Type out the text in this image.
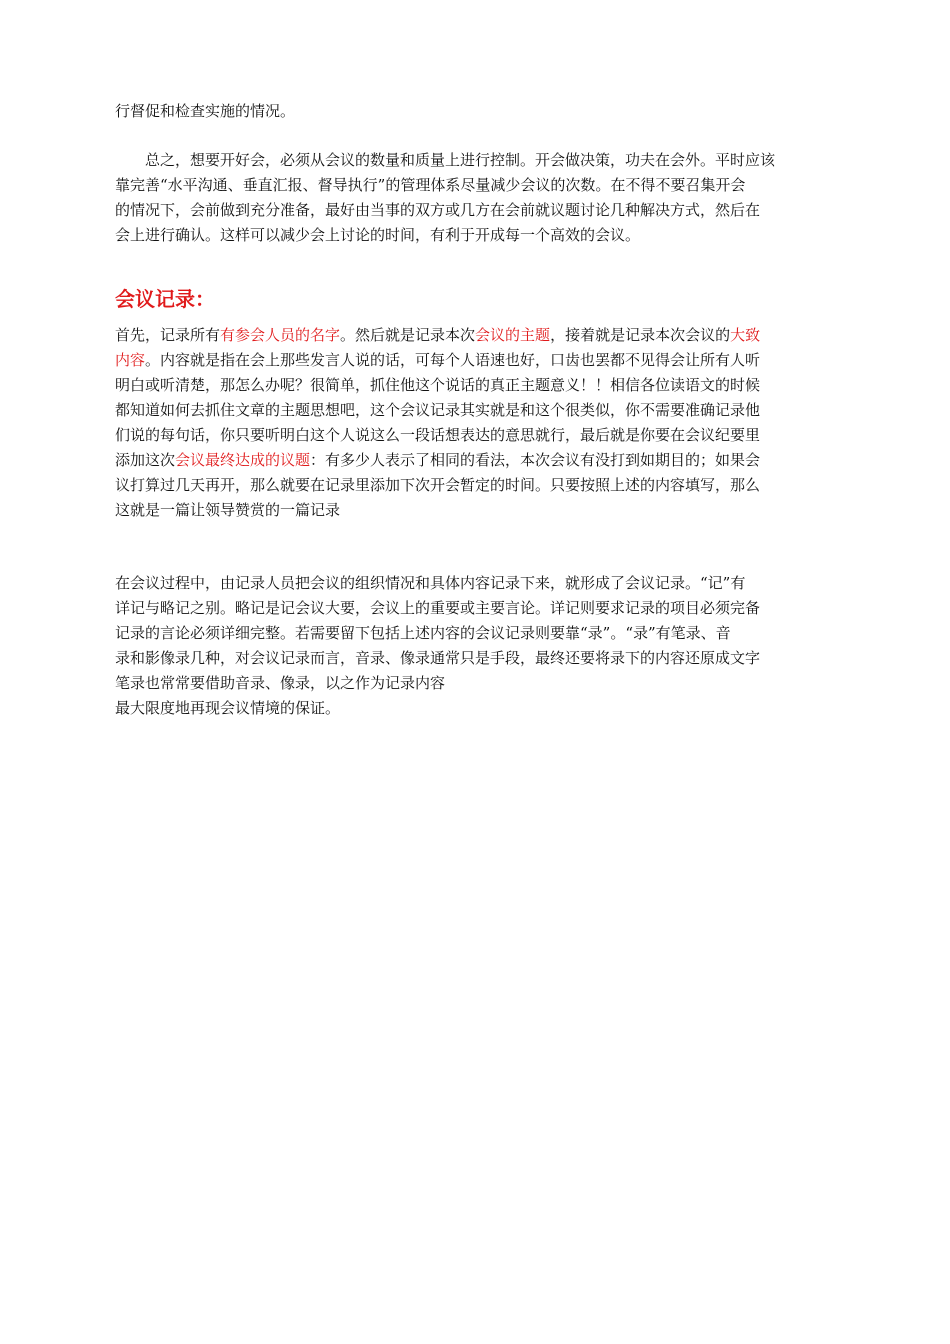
行督促和检查实施的情况。

　　总之，想要开好会，必须从会议的数量和质量上进行控制。开会做决策，功夫在会外。平时应该
靠完善“水平沟通、垂直汇报、督导执行”的管理体系尽量减少会议的次数。在不得不要召集开会
的情况下，会前做到充分准备，最好由当事的双方或几方在会前就议题讨论几种解决方式，然后在
会上进行确认。这样可以减少会上讨论的时间，有利于开成每一个高效的会议。

会议记录：

首先，记录所有有参会人员的名字。然后就是记录本次会议的主题，接着就是记录本次会议的大致
内容。内容就是指在会上那些发言人说的话，可每个人语速也好，口齿也罢都不见得会让所有人听
明白或听清楚，那怎么办呢？很简单，抓住他这个说话的真正主题意义！！相信各位读语文的时候
都知道如何去抓住文章的主题思想吧，这个会议记录其实就是和这个很类似，你不需要准确记录他
们说的每句话，你只要听明白这个人说这么一段话想表达的意思就行，最后就是你要在会议纪要里
添加这次会议最终达成的议题：有多少人表示了相同的看法，本次会议有没打到如期目的；如果会
议打算过几天再开，那么就要在记录里添加下次开会暂定的时间。只要按照上述的内容填写，那么
这就是一篇让领导赞赏的一篇记录

在会议过程中，由记录人员把会议的组织情况和具体内容记录下来，就形成了会议记录。“记”有
详记与略记之别。略记是记会议大要，会议上的重要或主要言论。详记则要求记录的项目必须完备
记录的言论必须详细完整。若需要留下包括上述内容的会议记录则要靠“录”。“录”有笔录、音
录和影像录几种，对会议记录而言，音录、像录通常只是手段，最终还要将录下的内容还原成文字
笔录也常常要借助音录、像录，以之作为记录内容
最大限度地再现会议情境的保证。
